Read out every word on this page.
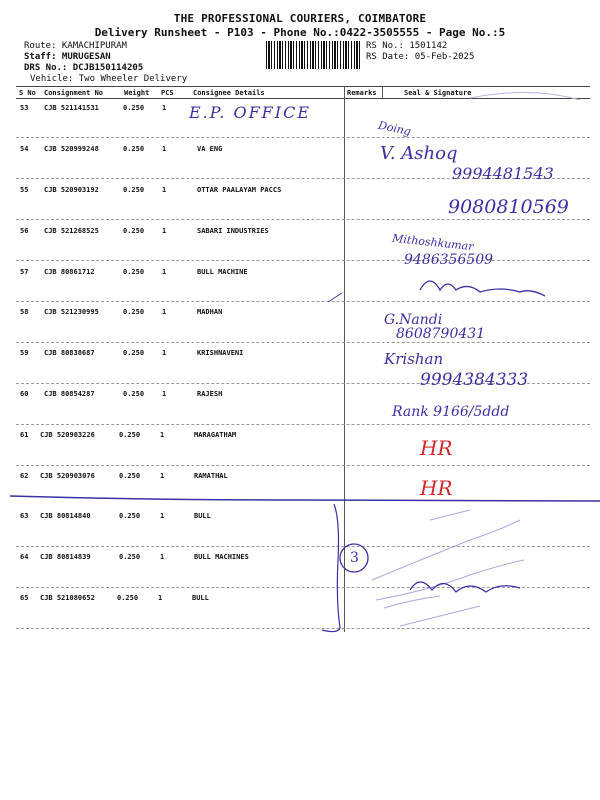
THE PROFESSIONAL COURIERS, COIMBATORE
Delivery Runsheet - P103 - Phone No.:0422-3505555 - Page No.:5
Route: KAMACHIPURAM
Staff: MURUGESAN
DRS No.: DCJB150114205
Vehicle: Two Wheeler Delivery
RS No.: 1501142
RS Date: 05-Feb-2025
S No Consignment No	Weight PCS	Consignee Details	Remarks	Seal & Signature
53 CJB 521141531	0.250	1 E.P. OFFICE
54 CJB 520999248	0.250	1	VA ENG
55 CJB 520903192	0.250	1	OTTAR PAALAYAM PACCS
56 CJB 521268525	0.250	1	SABARI INDUSTRIES
57 CJB 80861712	0.250	1	BULL MACHINE
58 CJB 521230995	0.250	1	MADHAN
59 CJB 80838687	0.250	1	KRISHNAVENI
60 CJB 80854287	0.250	1	RAJESH
61 CJB 520903226	0.250	1	MARAGATHAM
62 CJB 520903076	0.250	1	RAMATHAL
63 CJB 80814840	0.250	1	BULL
64 CJB 80814839	0.250	1	BULL MACHINES
65 CJB 521080652	0.250	1	BULL
Doing
V. Ashoq
9994481543
9080810569
Mithoshkumar
9486356509
G.Nandi
8608790431
Krishan
9994384333
Rank 9166/5ddd
HR
HR
3
